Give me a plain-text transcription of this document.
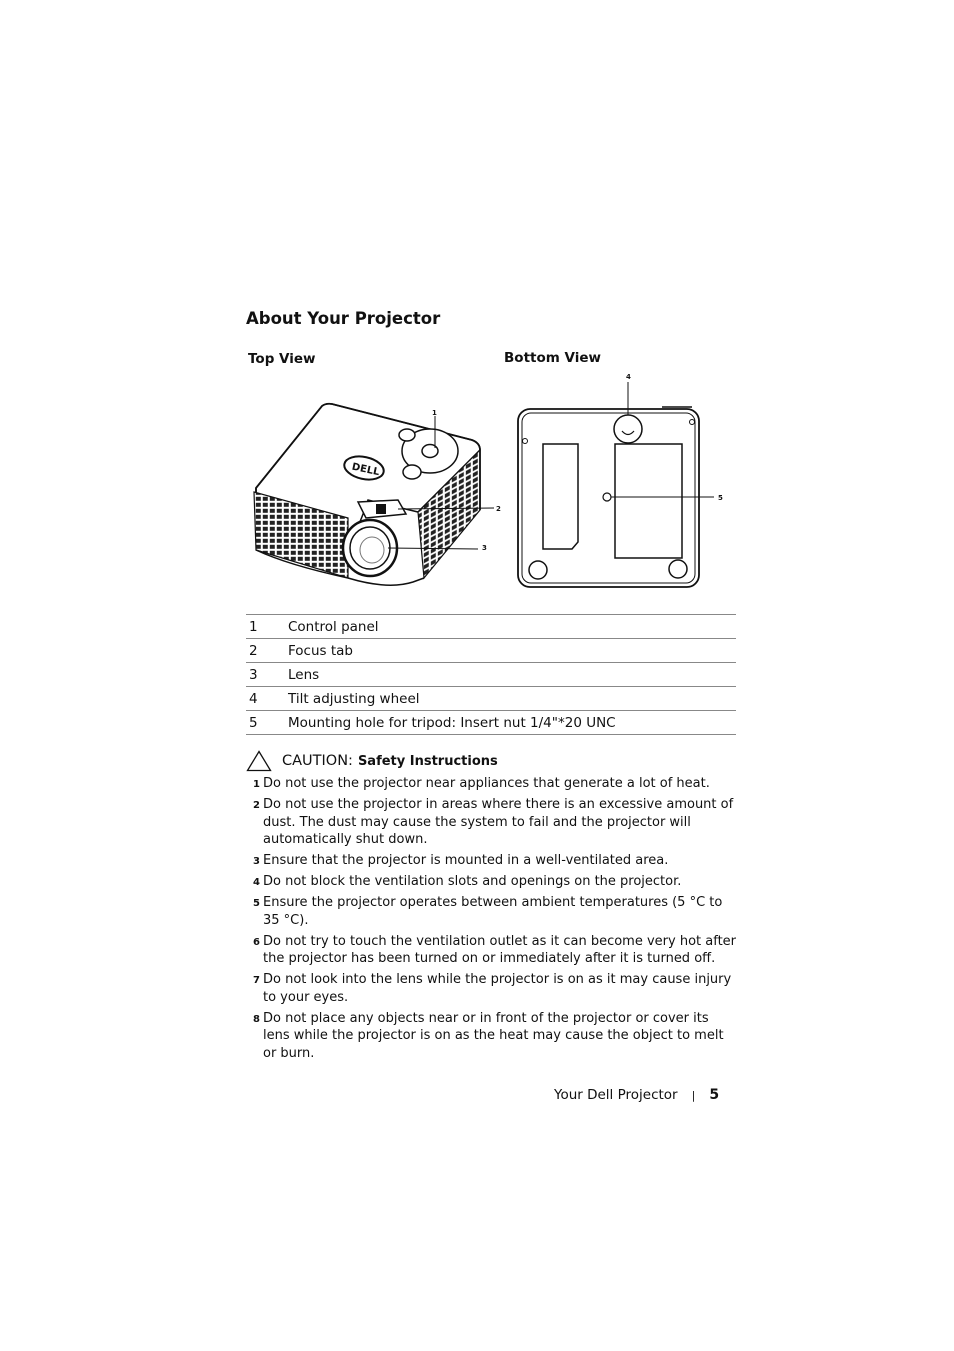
About Your Projector
Top View	Bottom View
DELL
1
2
3
4
5
1	Control panel
2	Focus tab
3	Lens
4	Tilt adjusting wheel
5	Mounting hole for tripod: Insert nut 1/4"*20 UNC
CAUTION: Safety Instructions
1 Do not use the projector near appliances that generate a lot of heat.
2 Do not use the projector in areas where there is an excessive amount of dust. The dust may cause the system to fail and the projector will automatically shut down.
3 Ensure that the projector is mounted in a well-ventilated area.
4 Do not block the ventilation slots and openings on the projector.
5 Ensure the projector operates between ambient temperatures (5 °C to 35 °C).
6 Do not try to touch the ventilation outlet as it can become very hot after the projector has been turned on or immediately after it is turned off.
7 Do not look into the lens while the projector is on as it may cause injury to your eyes.
8 Do not place any objects near or in front of the projector or cover its lens while the projector is on as the heat may cause the object to melt or burn.
Your Dell Projector | 5
